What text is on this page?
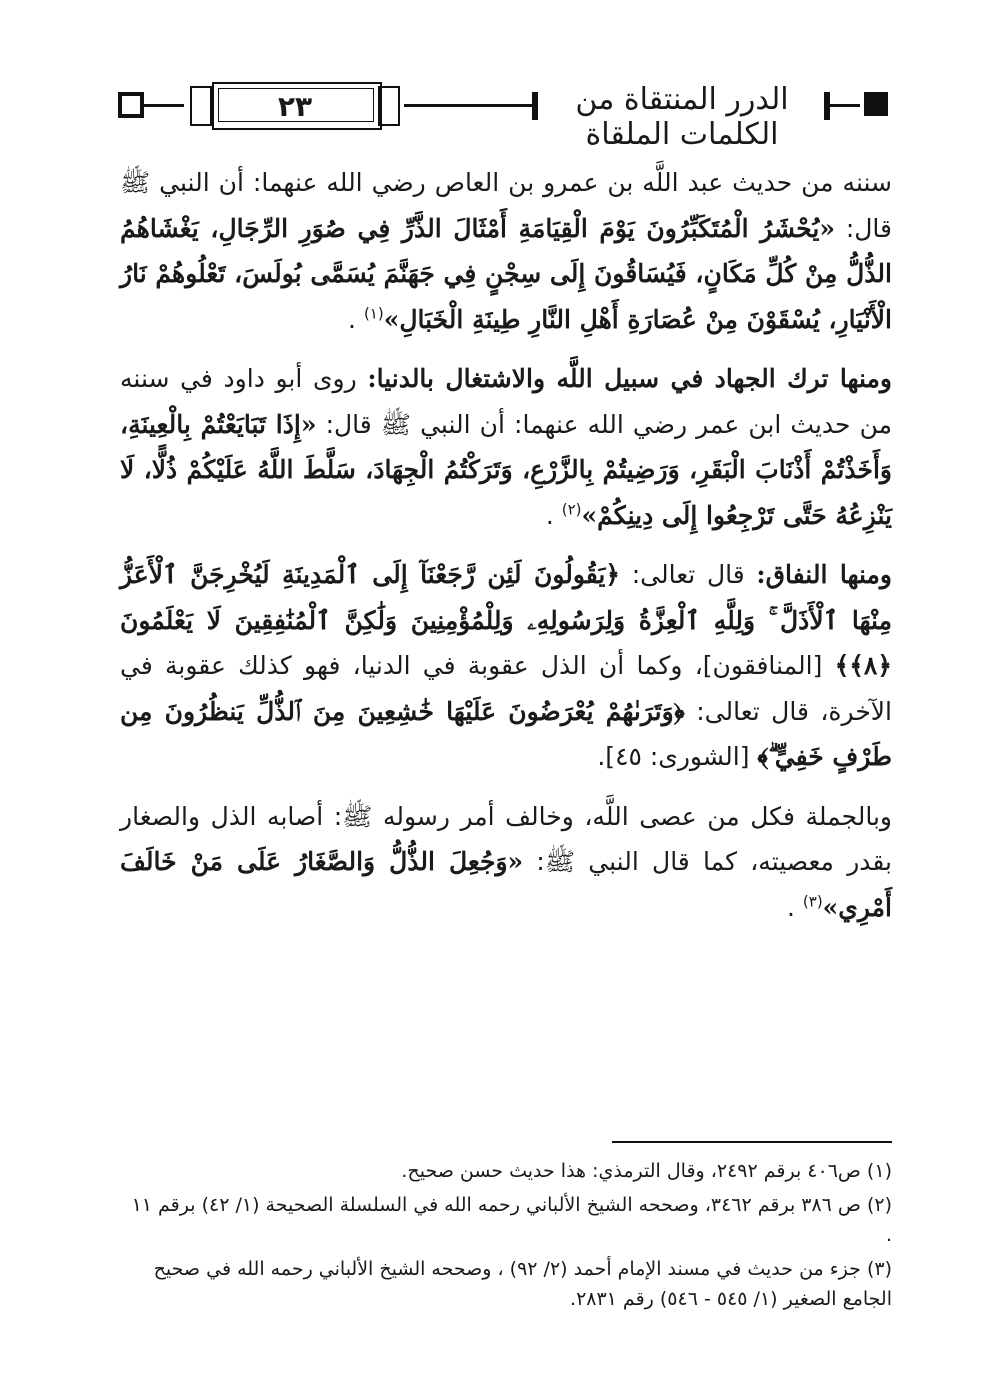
٢٣	الدرر المنتقاة من الكلمات الملقاة

سننه من حديث عبد اللَّه بن عمرو بن العاص رضي الله عنهما: أن النبي ﷺ قال: «يُحْشَرُ الْمُتَكَبِّرُونَ يَوْمَ الْقِيَامَةِ أَمْثَالَ الذَّرِّ فِي صُوَرِ الرِّجَالِ، يَغْشَاهُمُ الذُّلُّ مِنْ كُلِّ مَكَانٍ، فَيُسَاقُونَ إِلَى سِجْنٍ فِي جَهَنَّمَ يُسَمَّى بُولَسَ، تَعْلُوهُمْ نَارُ الْأَنْيَارِ، يُسْقَوْنَ مِنْ عُصَارَةِ أَهْلِ النَّارِ طِينَةِ الْخَبَالِ»$^{(١)}$ .

ومنها ترك الجهاد في سبيل اللَّه والاشتغال بالدنيا: روى أبو داود في سننه من حديث ابن عمر رضي الله عنهما: أن النبي ﷺ قال: «إِذَا تَبَايَعْتُمْ بِالْعِينَةِ، وَأَخَذْتُمْ أَذْنَابَ الْبَقَرِ، وَرَضِيتُمْ بِالزَّرْعِ، وَتَرَكْتُمُ الْجِهَادَ، سَلَّطَ اللَّهُ عَلَيْكُمْ ذُلًّا، لَا يَنْزِعُهُ حَتَّى تَرْجِعُوا إِلَى دِينِكُمْ»$^{(٢)}$ .

ومنها النفاق: قال تعالى: ﴿يَقُولُونَ لَئِن رَّجَعْنَآ إِلَى ٱلْمَدِينَةِ لَيُخْرِجَنَّ ٱلْأَعَزُّ مِنْهَا ٱلْأَذَلَّ ۚ وَلِلَّهِ ٱلْعِزَّةُ وَلِرَسُولِهِۦ وَلِلْمُؤْمِنِينَ وَلَٰكِنَّ ٱلْمُنَٰفِقِينَ لَا يَعْلَمُونَ ﴿٨﴾﴾ [المنافقون]، وكما أن الذل عقوبة في الدنيا، فهو كذلك عقوبة في الآخرة، قال تعالى: ﴿وَتَرَىٰهُمْ يُعْرَضُونَ عَلَيْهَا خَٰشِعِينَ مِنَ ٱلذُّلِّ يَنظُرُونَ مِن طَرْفٍ خَفِيٍّ ۗ﴾ [الشورى: ٤٥].

وبالجملة فكل من عصى اللَّه، وخالف أمر رسوله ﷺ: أصابه الذل والصغار بقدر معصيته، كما قال النبي ﷺ: «وَجُعِلَ الذُّلُّ وَالصَّغَارُ عَلَى مَنْ خَالَفَ أَمْرِي»$^{(٣)}$ .

(١) ص٤٠٦ برقم ٢٤٩٢، وقال الترمذي: هذا حديث حسن صحيح.
(٢) ص ٣٨٦ برقم ٣٤٦٢، وصححه الشيخ الألباني رحمه الله في السلسلة الصحيحة (١/ ٤٢) برقم ١١ .
(٣) جزء من حديث في مسند الإمام أحمد (٢/ ٩٢) ، وصححه الشيخ الألباني رحمه الله في صحيح الجامع الصغير (١/ ٥٤٥ - ٥٤٦) رقم ٢٨٣١.
